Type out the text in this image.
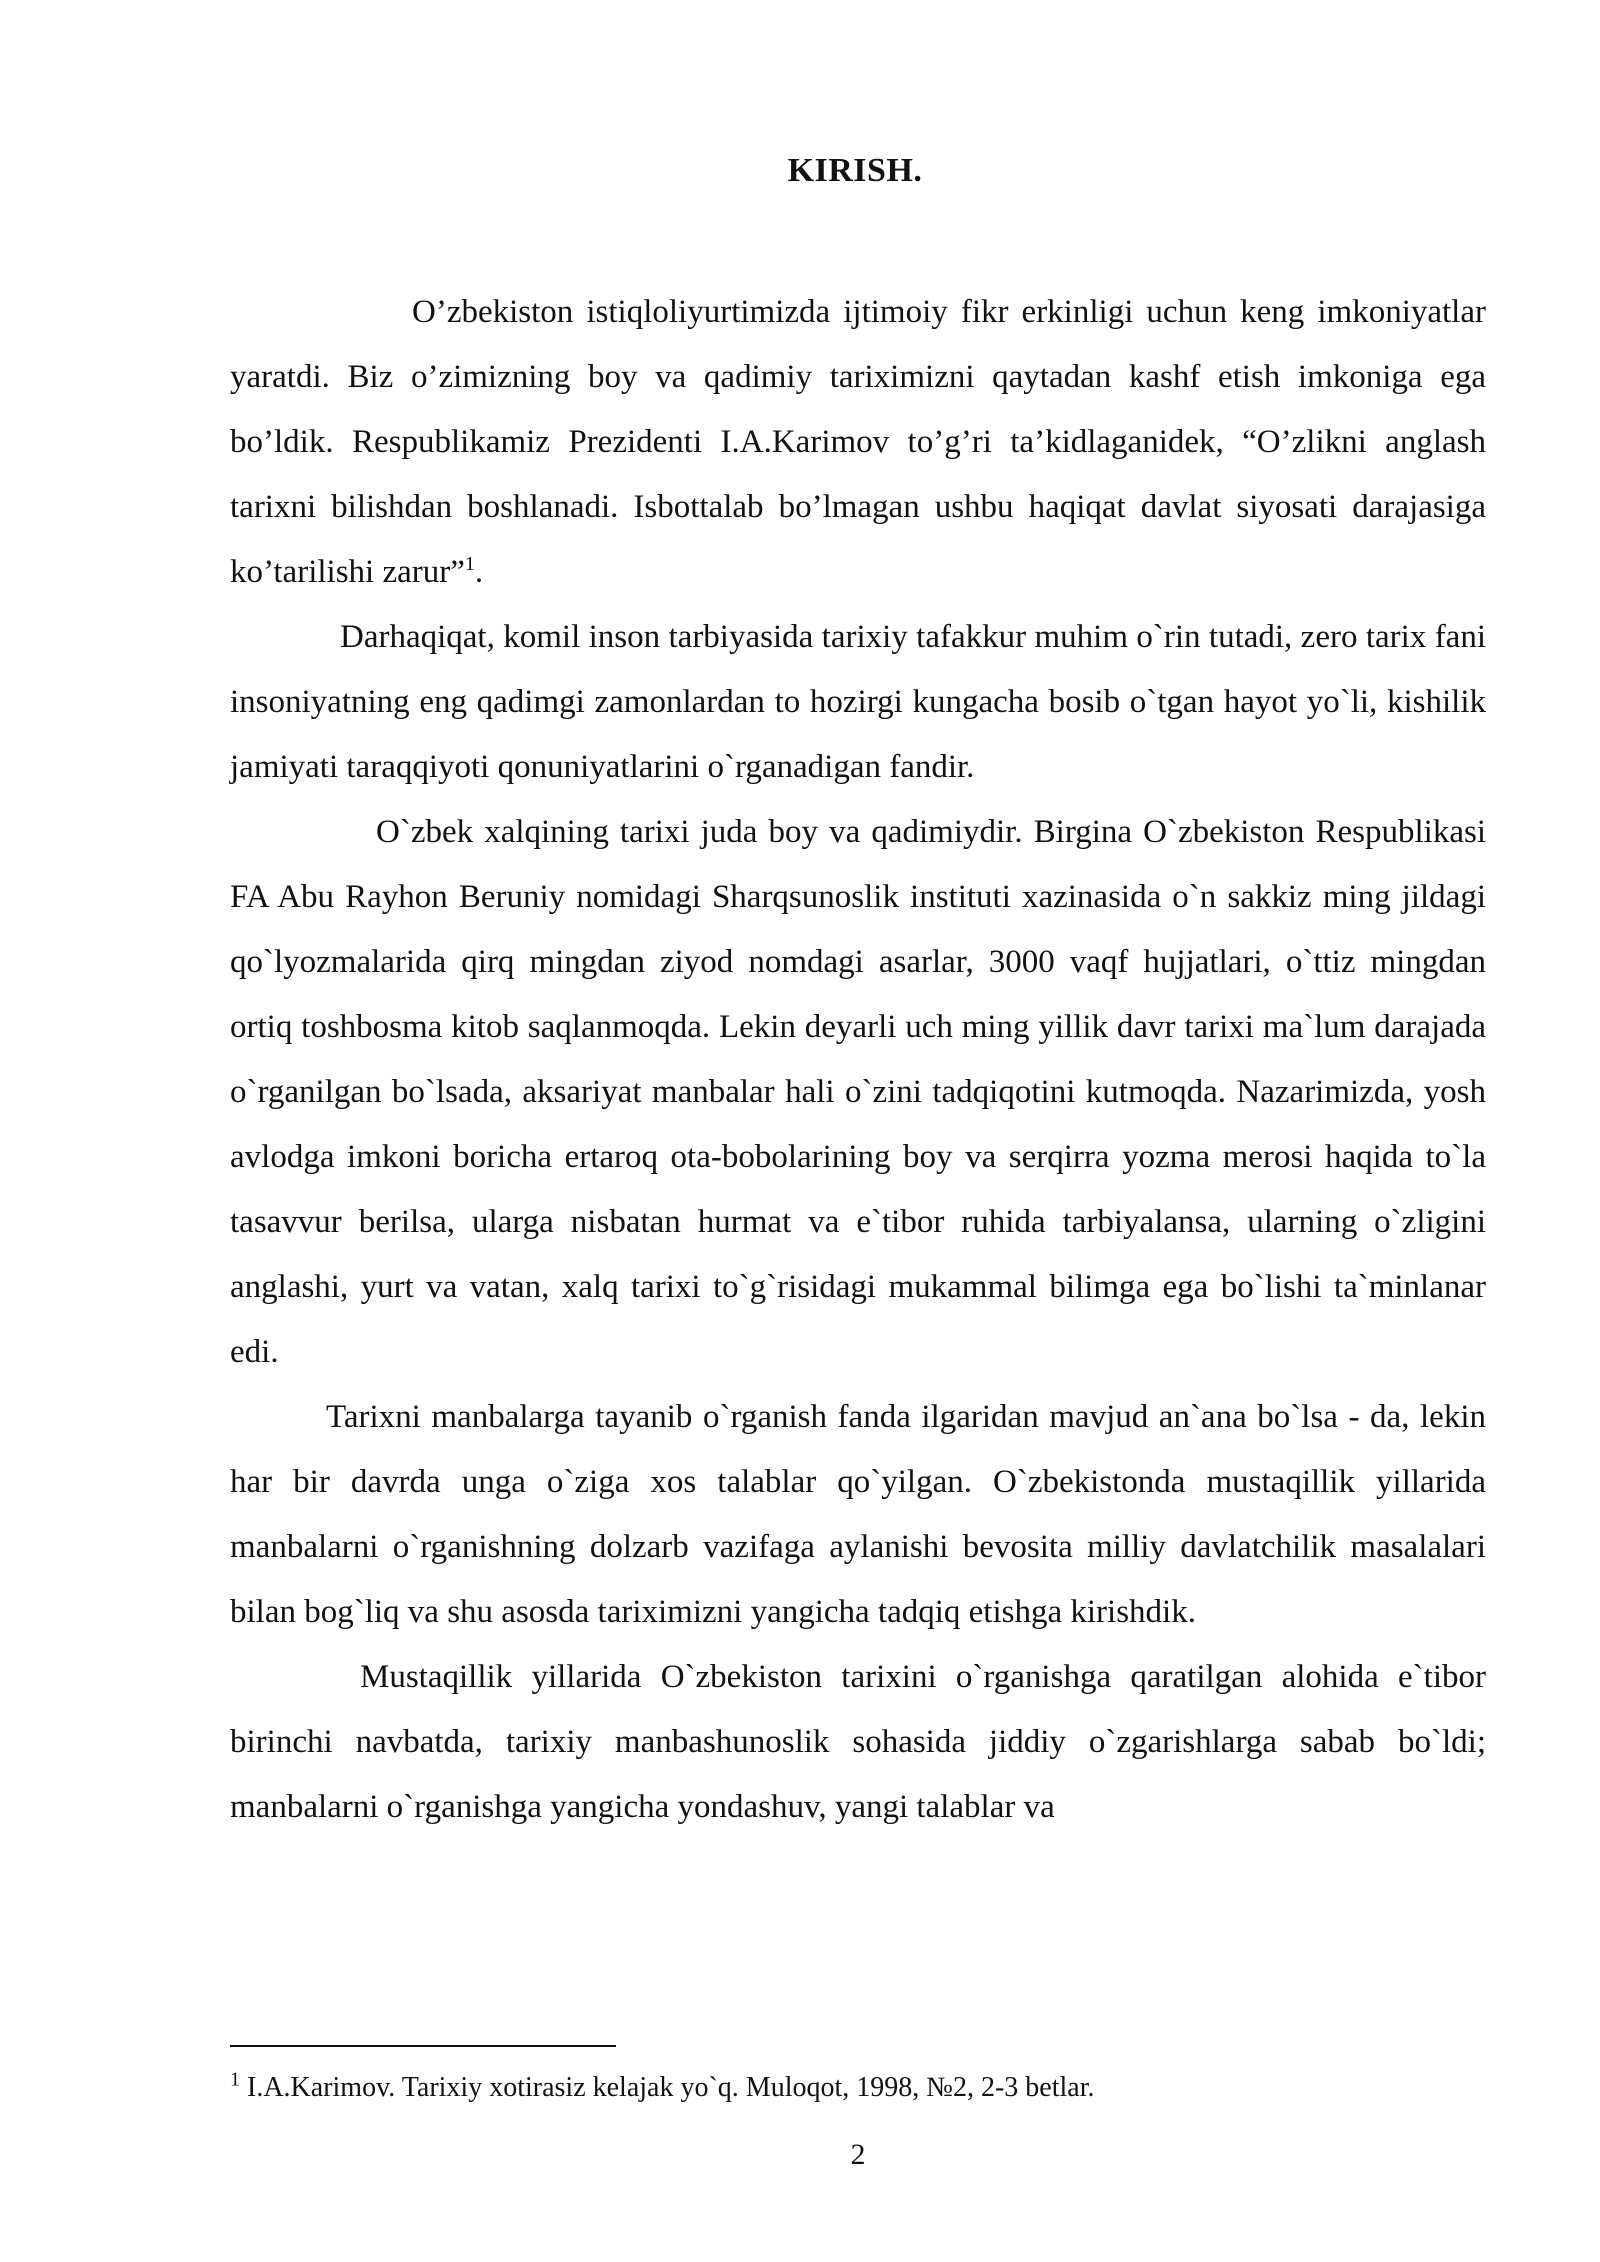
KIRISH.

O’zbekiston istiqloliyurtimizda ijtimoiy fikr erkinligi uchun keng imkoniyatlar yaratdi. Biz o’zimizning boy va qadimiy tariximizni qaytadan kashf etish imkoniga ega bo’ldik. Respublikamiz Prezidenti I.A.Karimov to’g’ri ta’kidlaganidek, “O’zlikni anglash tarixni bilishdan boshlanadi. Isbottalab bo’lmagan ushbu haqiqat davlat siyosati darajasiga ko’tarilishi zarur”$^1$.

Darhaqiqat, komil inson tarbiyasida tarixiy tafakkur muhim o`rin tutadi, zero tarix fani insoniyatning eng qadimgi zamonlardan to hozirgi kungacha bosib o`tgan hayot yo`li, kishilik jamiyati taraqqiyoti qonuniyatlarini o`rganadigan fandir.

O`zbek xalqining tarixi juda boy va qadimiydir. Birgina O`zbekiston Respublikasi FA Abu Rayhon Beruniy nomidagi Sharqsunoslik instituti xazinasida o`n sakkiz ming jildagi qo`lyozmalarida qirq mingdan ziyod nomdagi asarlar, 3000 vaqf hujjatlari, o`ttiz mingdan ortiq toshbosma kitob saqlanmoqda. Lekin deyarli uch ming yillik davr tarixi ma`lum darajada o`rganilgan bo`lsada, aksariyat manbalar hali o`zini tadqiqotini kutmoqda. Nazarimizda, yosh avlodga imkoni boricha ertaroq ota-bobolarining boy va serqirra yozma merosi haqida to`la tasavvur berilsa, ularga nisbatan hurmat va e`tibor ruhida tarbiyalansa, ularning o`zligini anglashi, yurt va vatan, xalq tarixi to`g`risidagi mukammal bilimga ega bo`lishi ta`minlanar edi.

Tarixni manbalarga tayanib o`rganish fanda ilgaridan mavjud an`ana bo`lsa - da, lekin har bir davrda unga o`ziga xos talablar qo`yilgan. O`zbekistonda mustaqillik yillarida manbalarni o`rganishning dolzarb vazifaga aylanishi bevosita milliy davlatchilik masalalari bilan bog`liq va shu asosda tariximizni yangicha tadqiq etishga kirishdik.

Mustaqillik yillarida O`zbekiston tarixini o`rganishga qaratilgan alohida e`tibor birinchi navbatda, tarixiy manbashunoslik sohasida jiddiy o`zgarishlarga sabab bo`ldi; manbalarni o`rganishga yangicha yondashuv, yangi talablar va

$^1$ I.A.Karimov. Tarixiy xotirasiz kelajak yo`q. Muloqot, 1998, №2, 2-3 betlar.
2
